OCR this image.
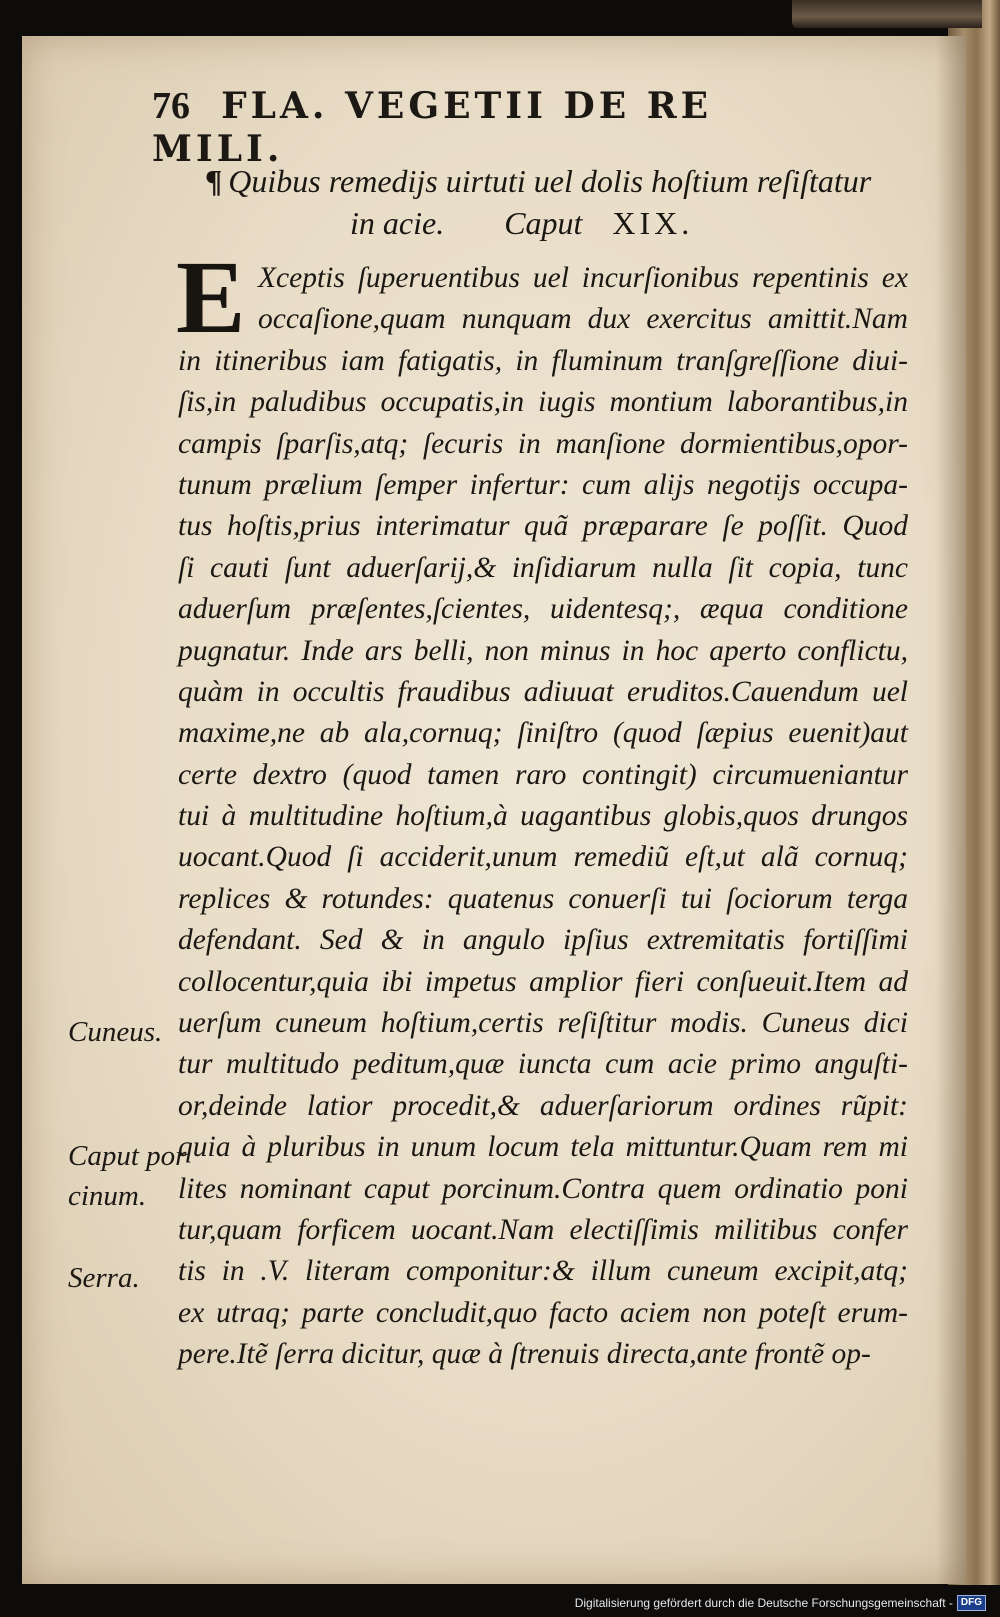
76 FLA. VEGETII DE RE MILI.
¶ Quibus remedijs uirtuti uel dolis hoſtium reſiſtatur
in acie. Caput XIX.
E Xceptis ſuperuentibus uel incurſionibus repentinis ex
occaſione,quam nunquam dux exercitus amittit.Nam
in itineribus iam fatigatis, in fluminum tranſgreſſione diui-
ſis,in paludibus occupatis,in iugis montium laborantibus,in
campis ſparſis,atq; ſecuris in manſione dormientibus,opor-
tunum prælium ſemper infertur: cum alijs negotijs occupa-
tus hoſtis,prius interimatur quã præparare ſe poſſit. Quod
ſi cauti ſunt aduerſarij,& inſidiarum nulla ſit copia, tunc
aduerſum præſentes,ſcientes, uidentesq;, æqua conditione
pugnatur. Inde ars belli, non minus in hoc aperto conflictu,
quàm in occultis fraudibus adiuuat eruditos.Cauendum uel
maxime,ne ab ala,cornuq; ſiniſtro (quod ſæpius euenit)aut
certe dextro (quod tamen raro contingit) circumueniantur
tui à multitudine hoſtium,à uagantibus globis,quos drungos
uocant.Quod ſi acciderit,unum remediũ eſt,ut alã cornuq;
replices & rotundes: quatenus conuerſi tui ſociorum terga
defendant. Sed & in angulo ipſius extremitatis fortiſſimi
collocentur,quia ibi impetus amplior fieri conſueuit.Item ad
uerſum cuneum hoſtium,certis reſiſtitur modis. Cuneus dici
tur multitudo peditum,quæ iuncta cum acie primo anguſti-
or,deinde latior procedit,& aduerſariorum ordines rũpit:
quia à pluribus in unum locum tela mittuntur.Quam rem mi
lites nominant caput porcinum.Contra quem ordinatio poni
tur,quam forficem uocant.Nam electiſſimis militibus confer
tis in .V. literam componitur:& illum cuneum excipit,atq;
ex utraq; parte concludit,quo facto aciem non poteſt erum-
pere.Itẽ ſerra dicitur, quæ à ſtrenuis directa,ante frontẽ op-
Cuneus.
Caput por
cinum.
Serra.
Digitalisierung gefördert durch die Deutsche Forschungsgemeinschaft - DFG
